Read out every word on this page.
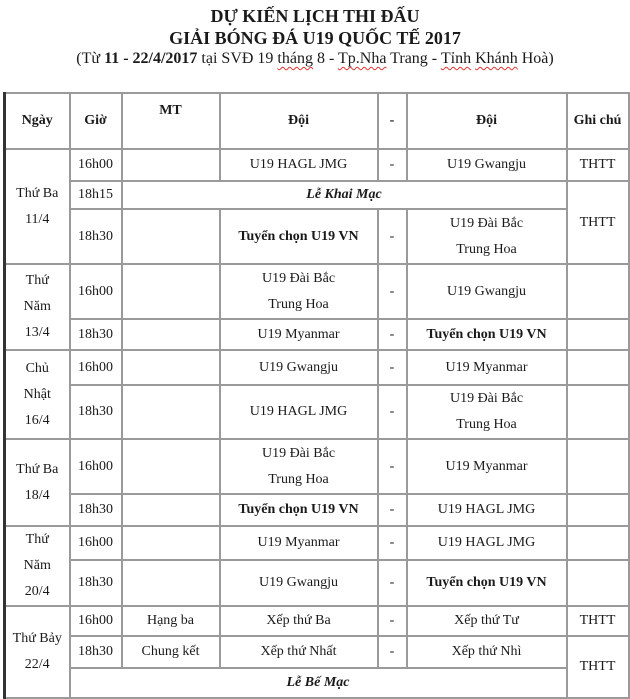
DỰ KIẾN LỊCH THI ĐẤU
GIẢI BÓNG ĐÁ U19 QUỐC TẾ 2017
(Từ 11 - 22/4/2017 tại SVĐ 19 tháng 8 - Tp.Nha Trang - Tỉnh Khánh Hoà)
Ngày	Giờ	MT	Đội	-	Đội	Ghi chú
Thứ Ba 11/4	16h00		U19 HAGL JMG	-	U19 Gwangju	THTT
	18h15	Lễ Khai Mạc				THTT
	18h30		Tuyển chọn U19 VN	-	U19 Đài Bắc Trung Hoa	
Thứ Năm 13/4	16h00		U19 Đài Bắc Trung Hoa	-	U19 Gwangju	
	18h30		U19 Myanmar	-	Tuyển chọn U19 VN	
Chủ Nhật 16/4	16h00		U19 Gwangju	-	U19 Myanmar	
	18h30		U19 HAGL JMG	-	U19 Đài Bắc Trung Hoa	
Thứ Ba 18/4	16h00		U19 Đài Bắc Trung Hoa	-	U19 Myanmar	
	18h30		Tuyển chọn U19 VN	-	U19 HAGL JMG	
Thứ Năm 20/4	16h00		U19 Myanmar	-	U19 HAGL JMG	
	18h30		U19 Gwangju	-	Tuyển chọn U19 VN	
Thứ Bảy 22/4	16h00	Hạng ba	Xếp thứ Ba	-	Xếp thứ Tư	THTT
	18h30	Chung kết	Xếp thứ Nhất	-	Xếp thứ Nhì	THTT
	Lễ Bế Mạc					
